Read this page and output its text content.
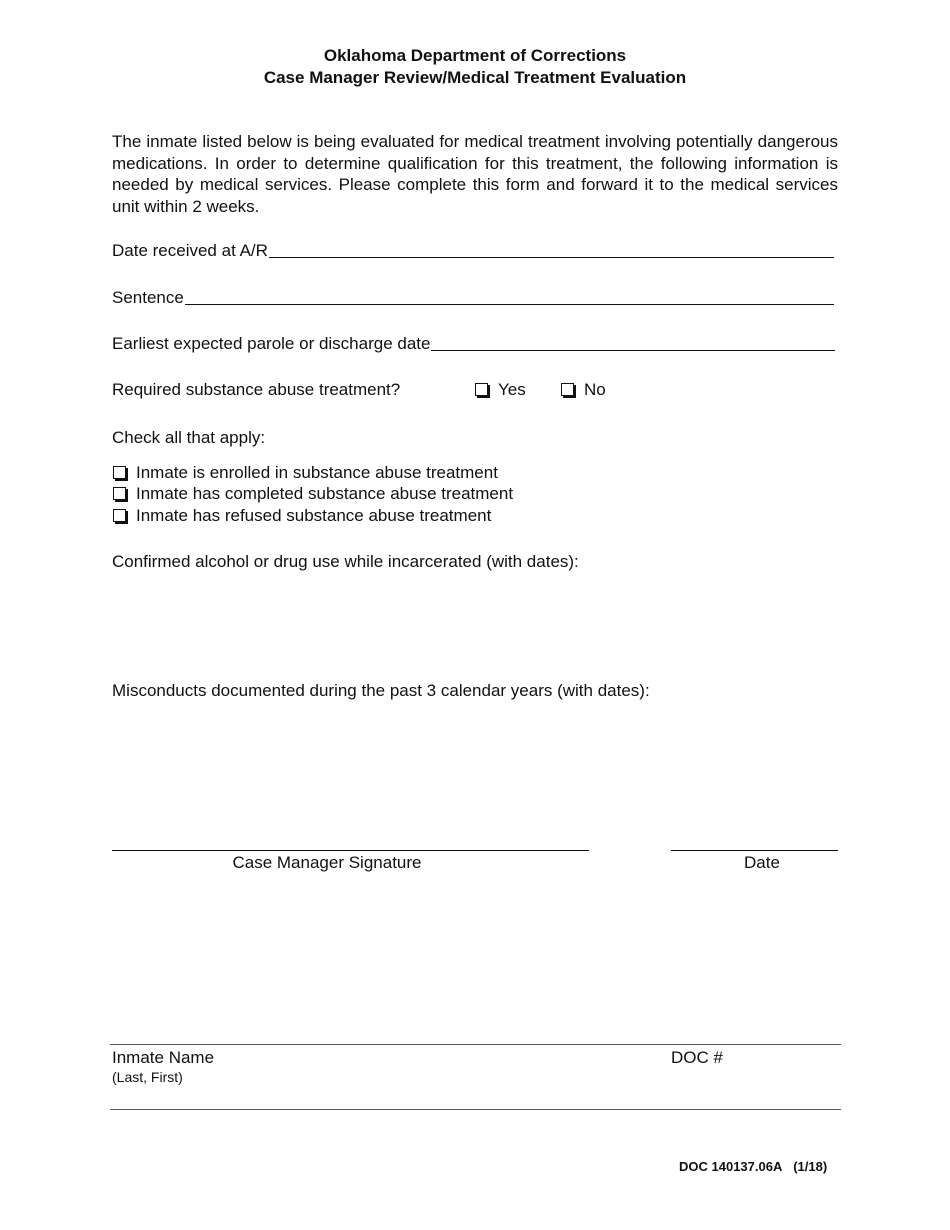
Oklahoma Department of Corrections
Case Manager Review/Medical Treatment Evaluation

The inmate listed below is being evaluated for medical treatment involving potentially dangerous medications. In order to determine qualification for this treatment, the following information is needed by medical services. Please complete this form and forward it to the medical services unit within 2 weeks.

Date received at A/R
Sentence
Earliest expected parole or discharge date
Required substance abuse treatment?	Yes	No
Check all that apply:
Inmate is enrolled in substance abuse treatment
Inmate has completed substance abuse treatment
Inmate has refused substance abuse treatment
Confirmed alcohol or drug use while incarcerated (with dates):
Misconducts documented during the past 3 calendar years (with dates):
Case Manager Signature	Date
Inmate Name
(Last, First)
DOC #
DOC 140137.06A (1/18)
